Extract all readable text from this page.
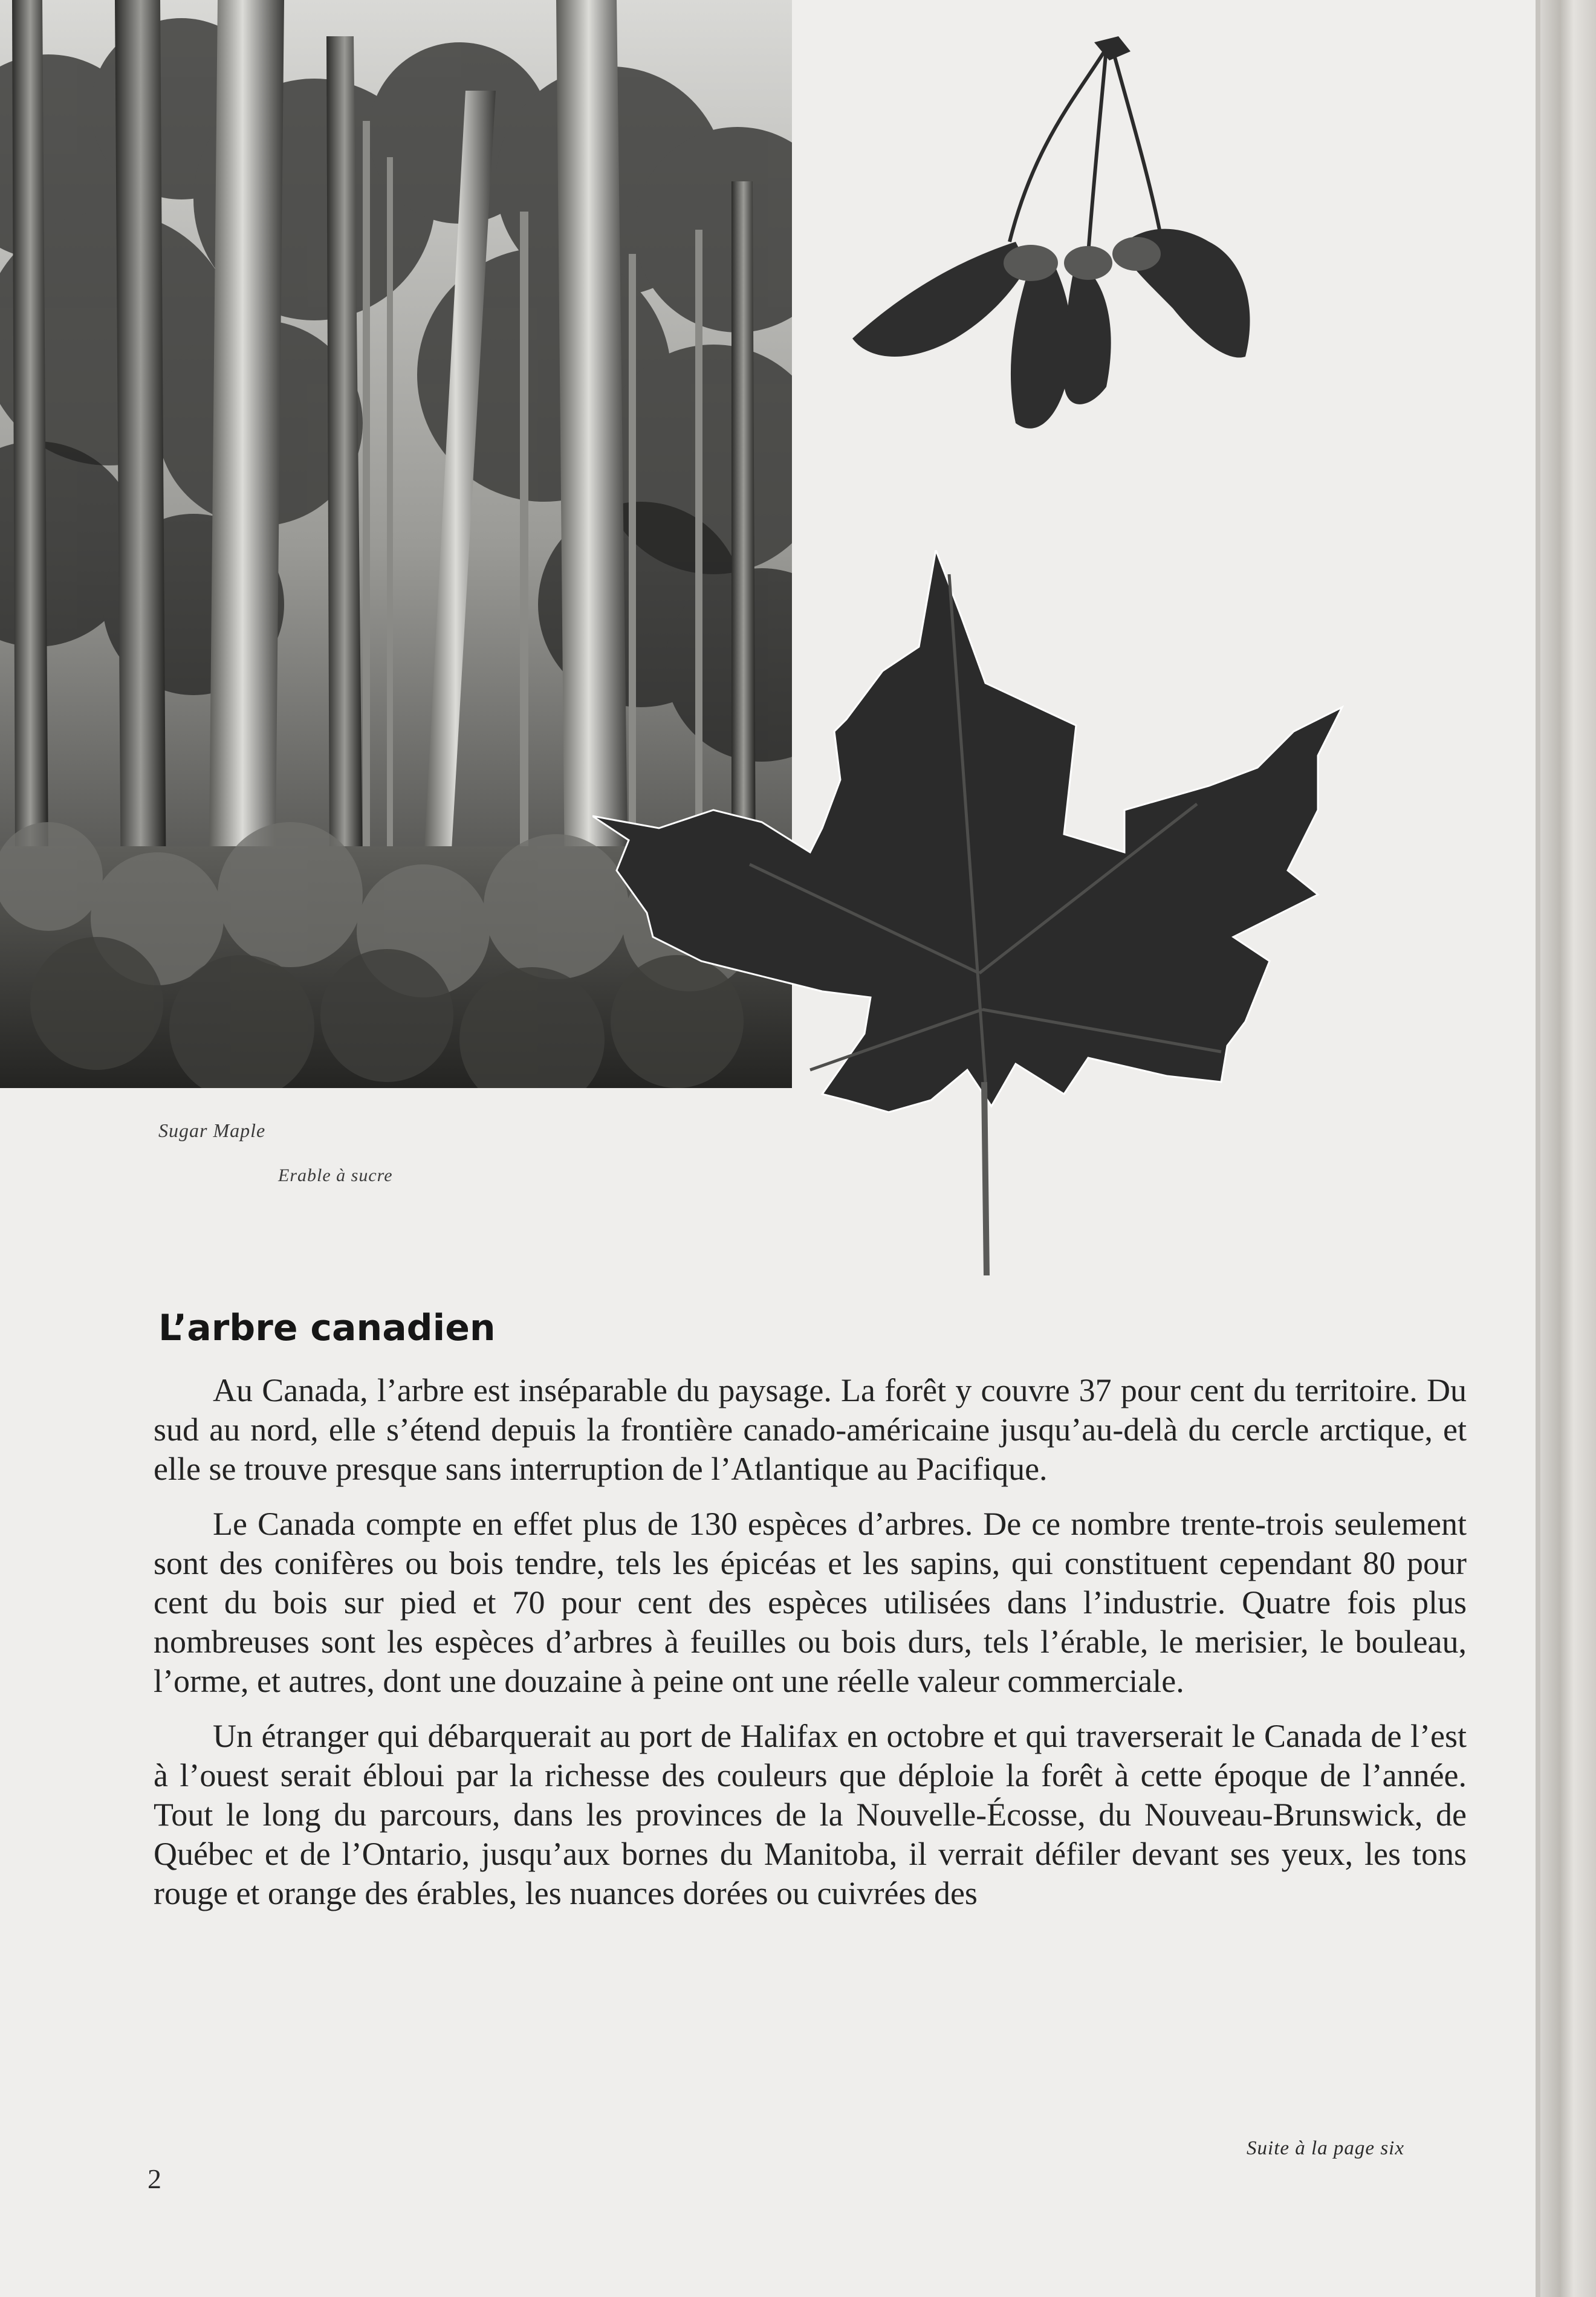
Sugar Maple
Erable à sucre
L’arbre canadien

Au Canada, l’arbre est inséparable du paysage. La forêt y couvre 37 pour cent du territoire. Du sud au nord, elle s’étend depuis la frontière canado-américaine jusqu’au-delà du cercle arctique, et elle se trouve presque sans interruption de l’Atlantique au Pacifique.

Le Canada compte en effet plus de 130 espèces d’arbres. De ce nombre trente-trois seulement sont des conifères ou bois tendre, tels les épicéas et les sapins, qui constituent cependant 80 pour cent du bois sur pied et 70 pour cent des espèces utilisées dans l’industrie. Quatre fois plus nombreuses sont les espèces d’arbres à feuilles ou bois durs, tels l’érable, le merisier, le bouleau, l’orme, et autres, dont une douzaine à peine ont une réelle valeur commerciale.

Un étranger qui débarquerait au port de Halifax en octobre et qui traverserait le Canada de l’est à l’ouest serait ébloui par la richesse des couleurs que déploie la forêt à cette époque de l’année. Tout le long du parcours, dans les provinces de la Nouvelle-Écosse, du Nouveau-Brunswick, de Québec et de l’Ontario, jusqu’aux bornes du Manitoba, il verrait défiler devant ses yeux, les tons rouge et orange des érables, les nuances dorées ou cuivrées des

Suite à la page six
2
